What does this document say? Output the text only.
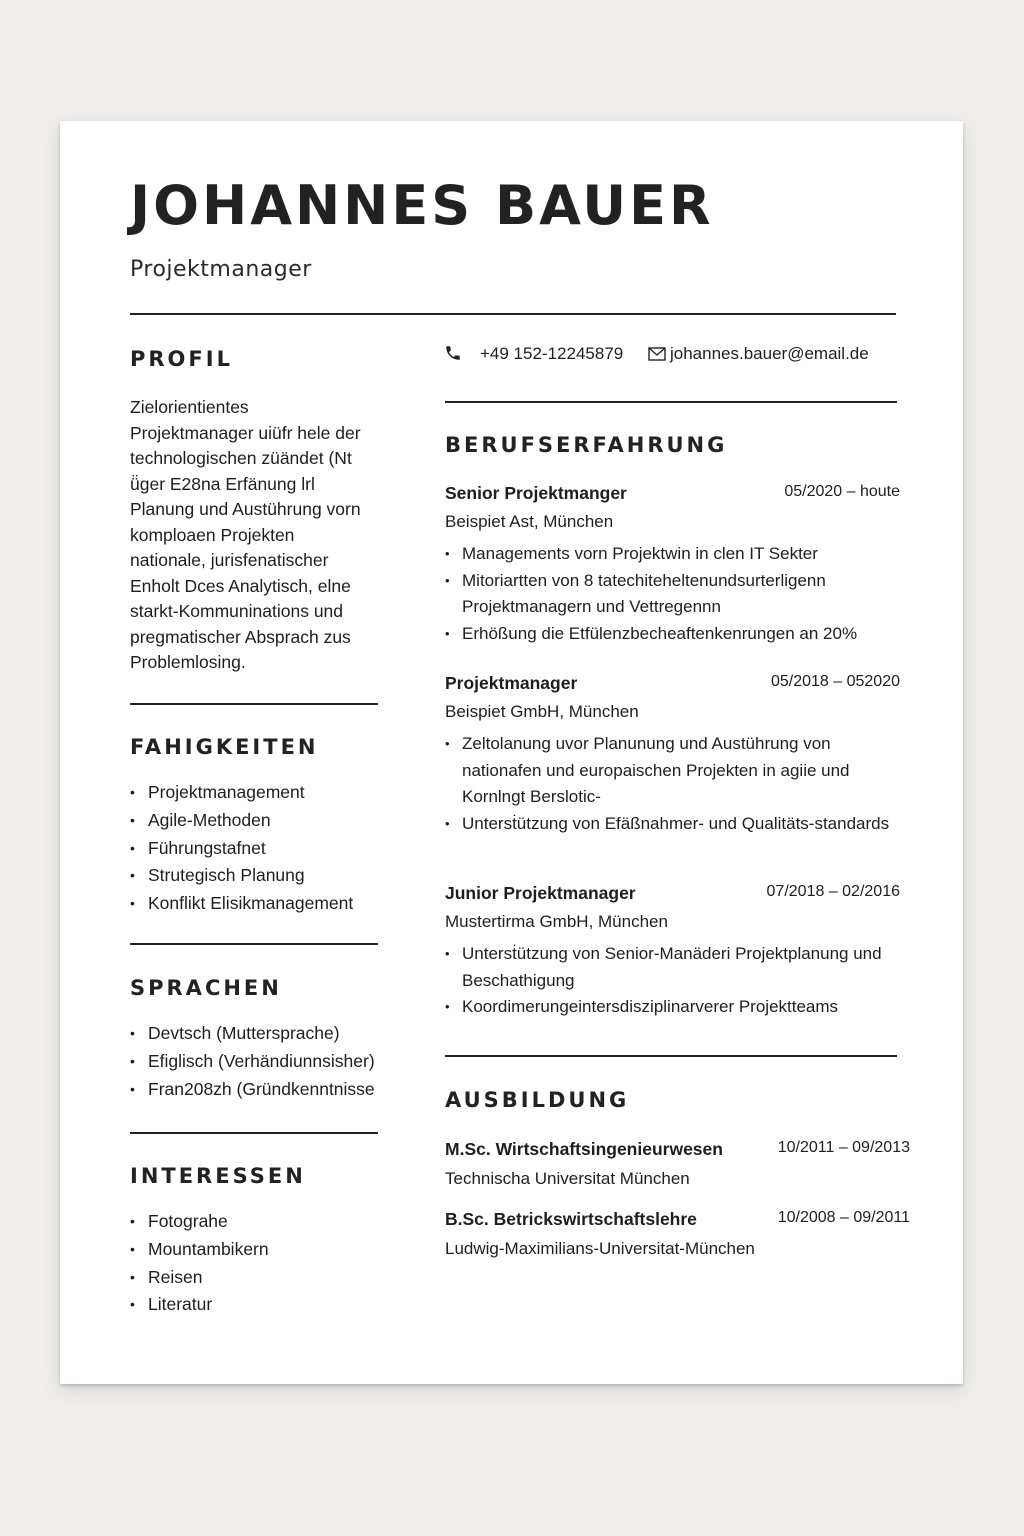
JOHANNES BAUER
Projektmanager
PROFIL
Zielorientientes
Projektmanager uiüfr hele der
technologischen züändet (Nt
ü̈ger E28na Erfänung lrl
Planung und Austührung vorn
komploaen Projekten
nationale, jurisfenatischer
Enholt Dces Analytisch, elne
starkt-Kommuninations und
pregmatischer Absprach zus
Problemlosing.
FAHIGKEITEN
• Projektmanagement
• Agile-Methoden
• Führungstafnet
• Strutegisch Planung
• Konflikt Elisikmanagement
SPRACHEN
• Devtsch (Muttersprache)
• Efiglisch (Verhändiunnsisher)
• Fran208zh (Gründkenntnisse
INTERESSEN
• Fotograhe
• Mountambikern
• Reisen
• Literatur
+49 152-12245879	johannes.bauer@email.de
BERUFSERFAHRUNG
Senior Projektmanger	05/2020 – houte
Beispiet Ast, München
• Managements vorn Projektwin in clen IT Sekter
• Mitoriartten von 8 tatechiteheltenundsurterligenn Projektmanagern und Vettregennn
• Erhößung die Etfülenzbecheaftenkenrungen an 20%
Projektmanager	05/2018 – 052020
Beispiet GmbH, München
• Zeltolanung uvor Planunung und Austührung von nationafen und europaischen Projekten in agiie und Kornlngt Berslotic-
• Untersṫützung von Efäßnahmer- und Qualitäts-standards
Junior Projektmanager	07/2018 – 02/2016
Mustertirma GmbH, München
• Untersṫützung von Senior-Manäderi Projektplanung und Beschathigung
• Koordimerungeintersdisziplinarverer Projektteams
AUSBILDUNG
M.Sc. Wirtschaftsingenieurwesen	10/2011 – 09/2013
Technischa Universitat München
B.Sc. Betrickswirtschaftslehre	10/2008 – 09/2011
Ludwig-Maximilians-Universitat-München
